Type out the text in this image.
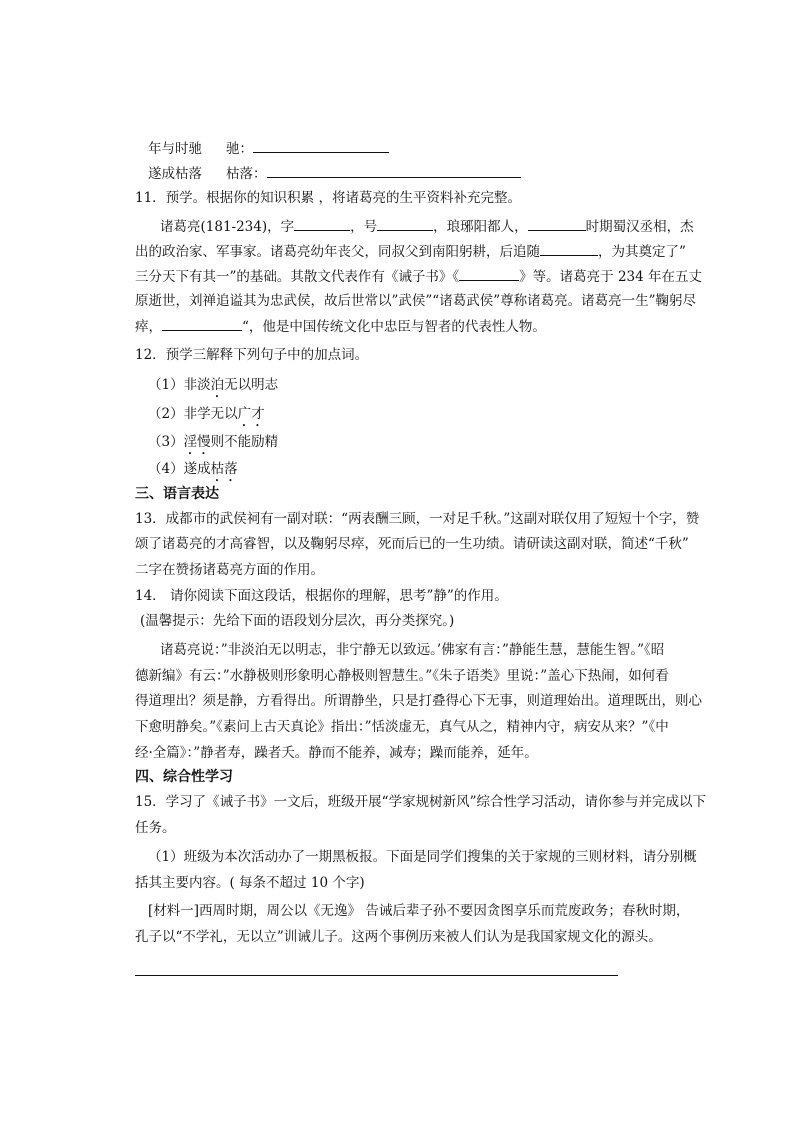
年与时驰 驰：
遂成枯落 枯落：
11．预学。根据你的知识积累 ，将诸葛亮的生平资料补充完整。
诸葛亮(181-234)，字	，号	，琅琊阳都人，	时期蜀汉丞相，杰
出的政治家、军事家。诸葛亮幼年丧父，同叔父到南阳躬耕，后追随	，为其奠定了”
三分天下有其一”的基础。其散文代表作有《诫子书》《	》等。诸葛亮于 234 年在五丈
原逝世，刘禅追谥其为忠武侯，故后世常以”武侯”“诸葛武侯”尊称诸葛亮。诸葛亮一生”鞠躬尽
瘁，	“，他是中国传统文化中忠臣与智者的代表性人物。
12．预学三解释下列句子中的加点词。
（1）非淡泊无以明志
（2）非学无以广才
（3）淫慢则不能励精
（4）遂成枯落
三、语言表达
13．成都市的武侯祠有一副对联：“两表酬三顾，一对足千秋。”这副对联仅用了短短十个字，赞
颂了诸葛亮的才高睿智，以及鞠躬尽瘁，死而后已的一生功绩。请研读这副对联，简述“千秋”
二字在赞扬诸葛亮方面的作用。
14． 请你阅读下面这段话，根据你的理解，思考”静”的作用。
(温馨提示：先给下面的语段划分层次，再分类探究。)
诸葛亮说：”非淡泊无以明志，非宁静无以致远。’佛家有言：”静能生慧，慧能生智。”《昭
德新编》有云：”水静极则形象明心静极则智慧生。”《朱子语类》里说：”盖心下热闹，如何看
得道理出？须是静，方看得出。所谓静坐，只是打叠得心下无事，则道理始出。道理既出，则心
下愈明静矣。”《素问上古天真论》指出：”恬淡虚无，真气从之，精神内守，病安从来？”《中
经·全篇》：”静者寿，躁者夭。静而不能养，减寿；躁而能养，延年。
四、综合性学习
15．学习了《诫子书》一文后，班级开展“学家规树新风”综合性学习活动，请你参与并完成以下
任务。
（1）班级为本次活动办了一期黑板报。下面是同学们搜集的关于家规的三则材料，请分别概
括其主要内容。( 每条不超过 10 个字)
[材料一]西周时期，周公以《无逸》 告诫后辈子孙不要因贪图享乐而荒废政务；春秋时期，
孔子以“不学礼，无以立”训诫儿子。这两个事例历来被人们认为是我国家规文化的源头。
